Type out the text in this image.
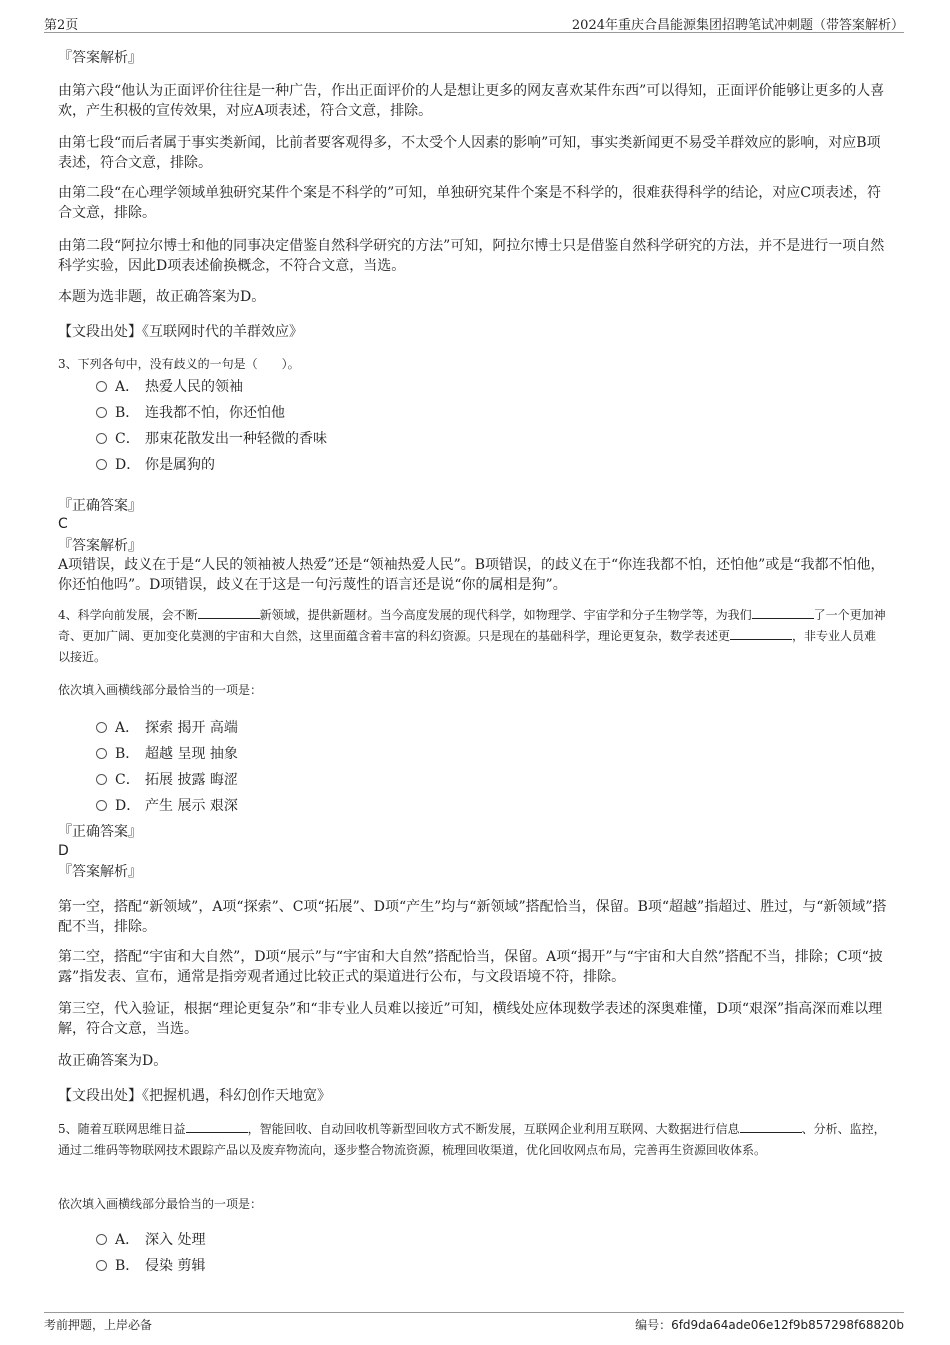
第2页	2024年重庆合昌能源集团招聘笔试冲刺题（带答案解析）
『答案解析』
由第六段“他认为正面评价往往是一种广告，作出正面评价的人是想让更多的网友喜欢某件东西”可以得知，正面评价能够让更多的人喜欢，产生积极的宣传效果，对应A项表述，符合文意，排除。
由第七段“而后者属于事实类新闻，比前者要客观得多，不太受个人因素的影响”可知，事实类新闻更不易受羊群效应的影响，对应B项表述，符合文意，排除。
由第二段“在心理学领域单独研究某件个案是不科学的”可知，单独研究某件个案是不科学的，很难获得科学的结论，对应C项表述，符合文意，排除。
由第二段“阿拉尔博士和他的同事决定借鉴自然科学研究的方法”可知，阿拉尔博士只是借鉴自然科学研究的方法，并不是进行一项自然科学实验，因此D项表述偷换概念，不符合文意，当选。
本题为选非题，故正确答案为D。
【文段出处】《互联网时代的羊群效应》
3、下列各句中，没有歧义的一句是（　　）。
A． 热爱人民的领袖
B． 连我都不怕，你还怕他
C． 那束花散发出一种轻微的香味
D． 你是属狗的
『正确答案』
C
『答案解析』
A项错误，歧义在于是“人民的领袖被人热爱”还是“领袖热爱人民”。B项错误，的歧义在于“你连我都不怕，还怕他”或是“我都不怕他，你还怕他吗”。D项错误，歧义在于这是一句污蔑性的语言还是说“你的属相是狗”。
4、科学向前发展，会不断	新领域，提供新题材。当今高度发展的现代科学，如物理学、宇宙学和分子生物学等，为我们	了一个更加神奇、更加广阔、更加变化莫测的宇宙和大自然，这里面蕴含着丰富的科幻资源。只是现在的基础科学，理论更复杂，数学表述更	，非专业人员难以接近。
依次填入画横线部分最恰当的一项是：
A． 探索 揭开 高端
B． 超越 呈现 抽象
C． 拓展 披露 晦涩
D． 产生 展示 艰深
『正确答案』
D
『答案解析』
第一空，搭配“新领域”，A项“探索”、C项“拓展”、D项“产生”均与“新领域”搭配恰当，保留。B项“超越”指超过、胜过，与“新领域”搭配不当，排除。
第二空，搭配“宇宙和大自然”，D项“展示”与“宇宙和大自然”搭配恰当，保留。A项“揭开”与“宇宙和大自然”搭配不当，排除；C项“披露”指发表、宣布，通常是指旁观者通过比较正式的渠道进行公布，与文段语境不符，排除。
第三空，代入验证，根据“理论更复杂”和“非专业人员难以接近”可知，横线处应体现数学表述的深奥难懂，D项“艰深”指高深而难以理解，符合文意，当选。
故正确答案为D。
【文段出处】《把握机遇，科幻创作天地宽》
5、随着互联网思维日益	，智能回收、自动回收机等新型回收方式不断发展，互联网企业利用互联网、大数据进行信息	、分析、监控，通过二维码等物联网技术跟踪产品以及废弃物流向，逐步整合物流资源，梳理回收渠道，优化回收网点布局，完善再生资源回收体系。
依次填入画横线部分最恰当的一项是：
A． 深入 处理
B． 侵染 剪辑
考前押题，上岸必备	编号：6fd9da64ade06e12f9b857298f68820b
